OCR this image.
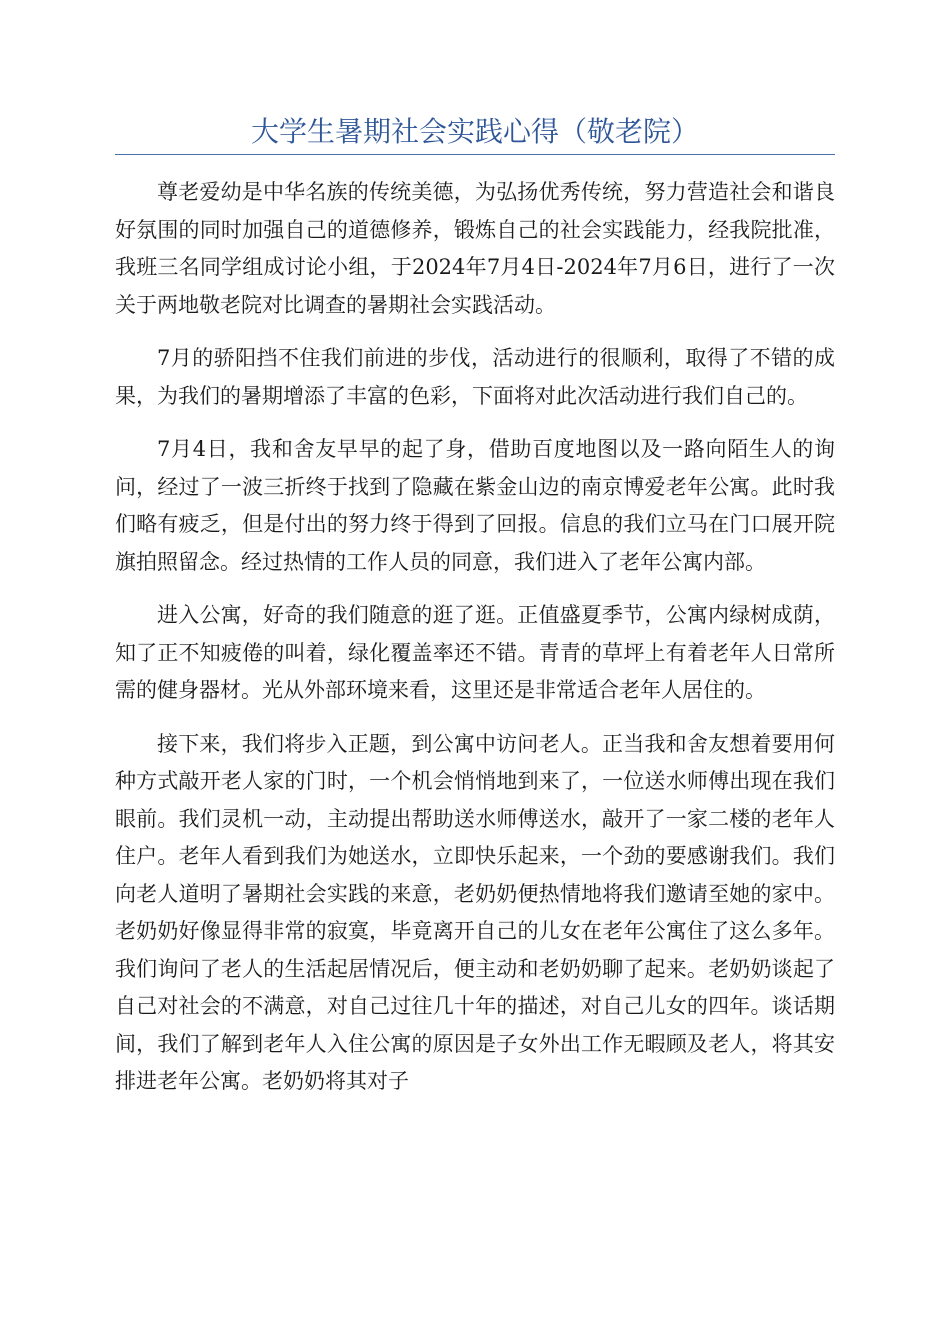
大学生暑期社会实践心得（敬老院）

尊老爱幼是中华名族的传统美德，为弘扬优秀传统，努力营造社会和谐良好氛围的同时加强自己的道德修养，锻炼自己的社会实践能力，经我院批准，我班三名同学组成讨论小组，于2024年7月4日-2024年7月6日，进行了一次关于两地敬老院对比调查的暑期社会实践活动。

7月的骄阳挡不住我们前进的步伐，活动进行的很顺利，取得了不错的成果，为我们的暑期增添了丰富的色彩，下面将对此次活动进行我们自己的。

7月4日，我和舍友早早的起了身，借助百度地图以及一路向陌生人的询问，经过了一波三折终于找到了隐藏在紫金山边的南京博爱老年公寓。此时我们略有疲乏，但是付出的努力终于得到了回报。信息的我们立马在门口展开院旗拍照留念。经过热情的工作人员的同意，我们进入了老年公寓内部。

进入公寓，好奇的我们随意的逛了逛。正值盛夏季节，公寓内绿树成荫，知了正不知疲倦的叫着，绿化覆盖率还不错。青青的草坪上有着老年人日常所需的健身器材。光从外部环境来看，这里还是非常适合老年人居住的。

接下来，我们将步入正题，到公寓中访问老人。正当我和舍友想着要用何种方式敲开老人家的门时，一个机会悄悄地到来了，一位送水师傅出现在我们眼前。我们灵机一动，主动提出帮助送水师傅送水，敲开了一家二楼的老年人住户。老年人看到我们为她送水，立即快乐起来，一个劲的要感谢我们。我们向老人道明了暑期社会实践的来意，老奶奶便热情地将我们邀请至她的家中。老奶奶好像显得非常的寂寞，毕竟离开自己的儿女在老年公寓住了这么多年。我们询问了老人的生活起居情况后，便主动和老奶奶聊了起来。老奶奶谈起了自己对社会的不满意，对自己过往几十年的描述，对自己儿女的四年。谈话期间，我们了解到老年人入住公寓的原因是子女外出工作无暇顾及老人，将其安排进老年公寓。老奶奶将其对子
